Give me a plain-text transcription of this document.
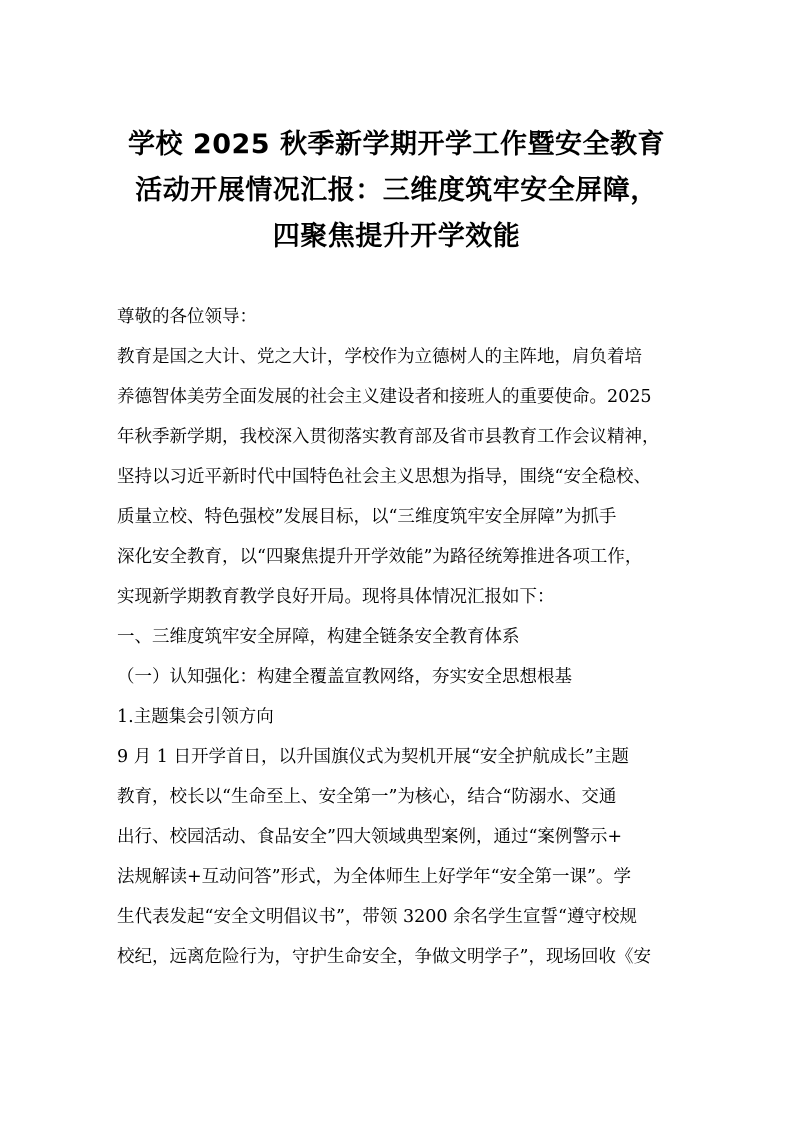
学校 2025 秋季新学期开学工作暨安全教育
活动开展情况汇报：三维度筑牢安全屏障，
四聚焦提升开学效能
尊敬的各位领导：
教育是国之大计、党之大计，学校作为立德树人的主阵地，肩负着培
养德智体美劳全面发展的社会主义建设者和接班人的重要使命。2025
年秋季新学期，我校深入贯彻落实教育部及省市县教育工作会议精神，
坚持以习近平新时代中国特色社会主义思想为指导，围绕“安全稳校、
质量立校、特色强校”发展目标，以“三维度筑牢安全屏障”为抓手
深化安全教育，以“四聚焦提升开学效能”为路径统筹推进各项工作，
实现新学期教育教学良好开局。现将具体情况汇报如下：
一、三维度筑牢安全屏障，构建全链条安全教育体系
（一）认知强化：构建全覆盖宣教网络，夯实安全思想根基
1.主题集会引领方向
9 月 1 日开学首日，以升国旗仪式为契机开展“安全护航成长”主题
教育，校长以“生命至上、安全第一”为核心，结合“防溺水、交通
出行、校园活动、食品安全”四大领域典型案例，通过“案例警示+
法规解读+互动问答”形式，为全体师生上好学年“安全第一课”。学
生代表发起“安全文明倡议书”，带领 3200 余名学生宣誓“遵守校规
校纪，远离危险行为，守护生命安全，争做文明学子”，现场回收《安
